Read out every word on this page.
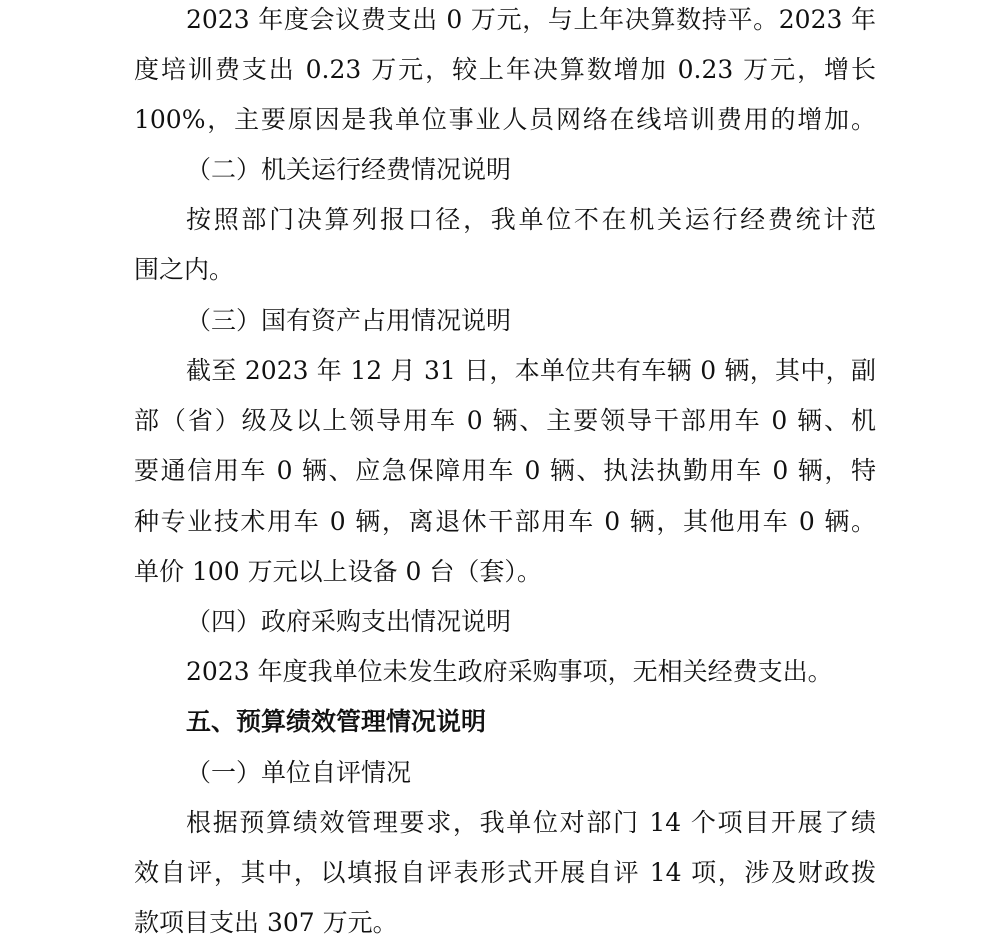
2023 年度会议费支出 0 万元，与上年决算数持平。2023 年
度培训费支出 0.23 万元，较上年决算数增加 0.23 万元，增长
100%，主要原因是我单位事业人员网络在线培训费用的增加。
（二）机关运行经费情况说明
按照部门决算列报口径，我单位不在机关运行经费统计范
围之内。
（三）国有资产占用情况说明
截至 2023 年 12 月 31 日，本单位共有车辆 0 辆，其中，副
部（省）级及以上领导用车 0 辆、主要领导干部用车 0 辆、机
要通信用车 0 辆、应急保障用车 0 辆、执法执勤用车 0 辆，特
种专业技术用车 0 辆，离退休干部用车 0 辆，其他用车 0 辆。
单价 100 万元以上设备 0 台（套）。
（四）政府采购支出情况说明
2023 年度我单位未发生政府采购事项，无相关经费支出。
五、预算绩效管理情况说明
（一）单位自评情况
根据预算绩效管理要求，我单位对部门 14 个项目开展了绩
效自评，其中，以填报自评表形式开展自评 14 项，涉及财政拨
款项目支出 307 万元。
